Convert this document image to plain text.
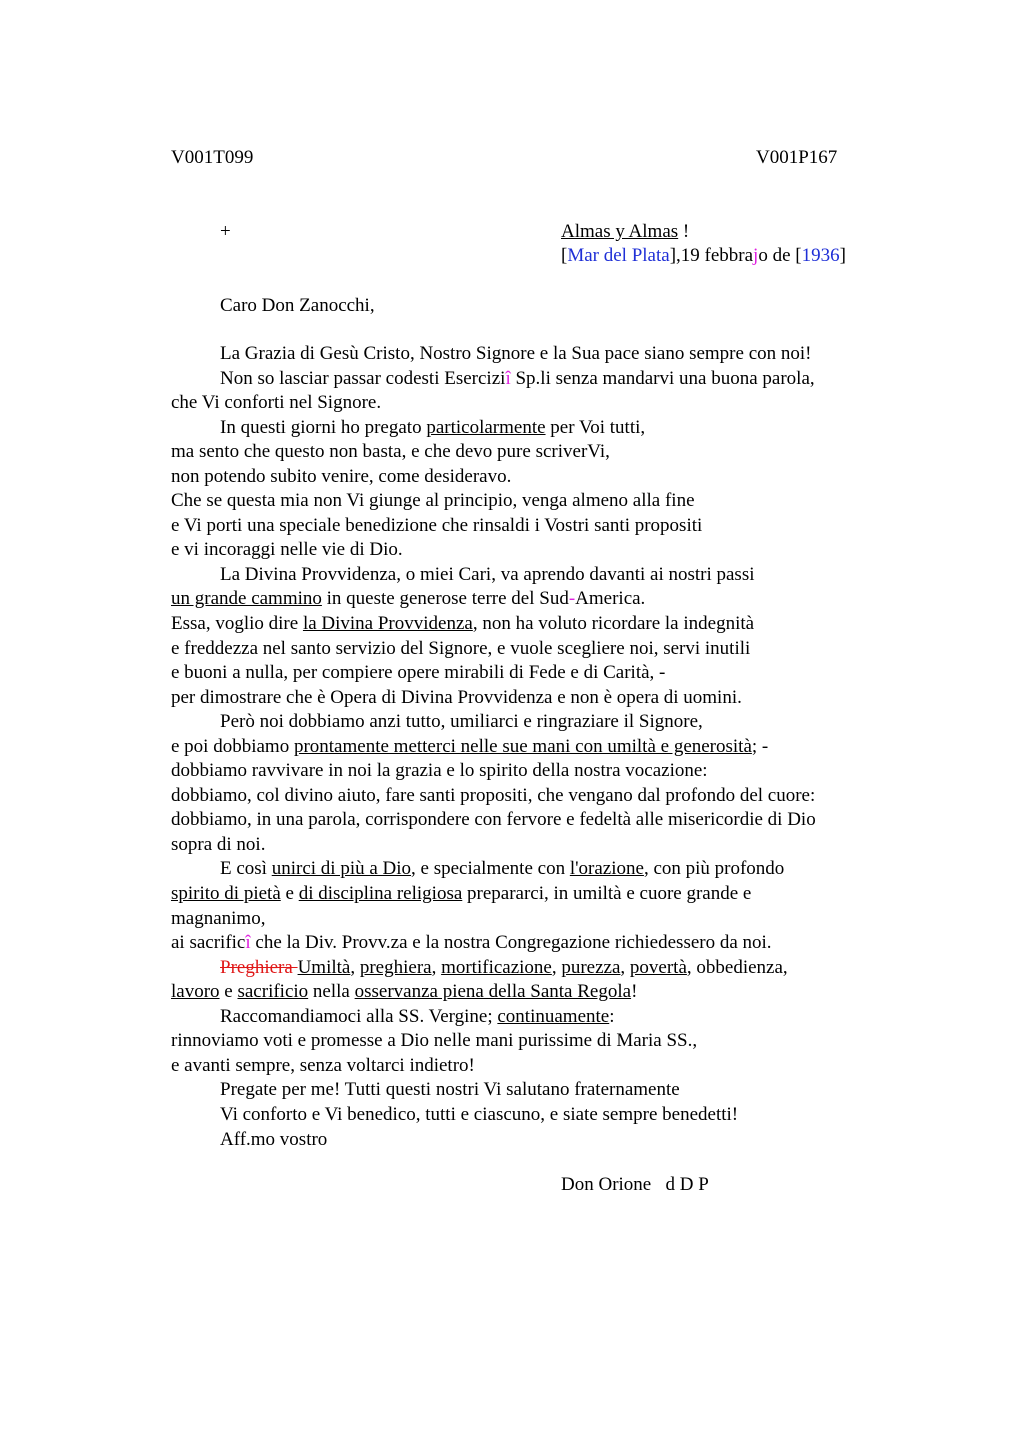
V001T099	V001P167
+	Almas y Almas !
[Mar del Plata],19 febbrajo de [1936]
Caro Don Zanocchi,
La Grazia di Gesù Cristo, Nostro Signore e la Sua pace siano sempre con noi!
Non so lasciar passar codesti Eserciziî Sp.li senza mandarvi una buona parola,
che Vi conforti nel Signore.
In questi giorni ho pregato particolarmente per Voi tutti,
ma sento che questo non basta, e che devo pure scriverVi,
non potendo subito venire, come desideravo.
Che se questa mia non Vi giunge al principio, venga almeno alla fine
e Vi porti una speciale benedizione che rinsaldi i Vostri santi propositi
e vi incoraggi nelle vie di Dio.
La Divina Provvidenza, o miei Cari, va aprendo davanti ai nostri passi
un grande cammino in queste generose terre del Sud-America.
Essa, voglio dire la Divina Provvidenza, non ha voluto ricordare la indegnità
e freddezza nel santo servizio del Signore, e vuole scegliere noi, servi inutili
e buoni a nulla, per compiere opere mirabili di Fede e di Carità, -
per dimostrare che è Opera di Divina Provvidenza e non è opera di uomini.
Però noi dobbiamo anzi tutto, umiliarci e ringraziare il Signore,
e poi dobbiamo prontamente metterci nelle sue mani con umiltà e generosità; -
dobbiamo ravvivare in noi la grazia e lo spirito della nostra vocazione:
dobbiamo, col divino aiuto, fare santi propositi, che vengano dal profondo del cuore:
dobbiamo, in una parola, corrispondere con fervore e fedeltà alle misericordie di Dio
sopra di noi.
E così unirci di più a Dio, e specialmente con l'orazione, con più profondo
spirito di pietà e di disciplina religiosa prepararci, in umiltà e cuore grande e
magnanimo,
ai sacrificî che la Div. Provv.za e la nostra Congregazione richiedessero da noi.
Preghiera Umiltà, preghiera, mortificazione, purezza, povertà, obbedienza,
lavoro e sacrificio nella osservanza piena della Santa Regola!
Raccomandiamoci alla SS. Vergine; continuamente:
rinnoviamo voti e promesse a Dio nelle mani purissime di Maria SS.,
e avanti sempre, senza voltarci indietro!
Pregate per me! Tutti questi nostri Vi salutano fraternamente
Vi conforto e Vi benedico, tutti e ciascuno, e siate sempre benedetti!
Aff.mo vostro
Don Orione   d D P
